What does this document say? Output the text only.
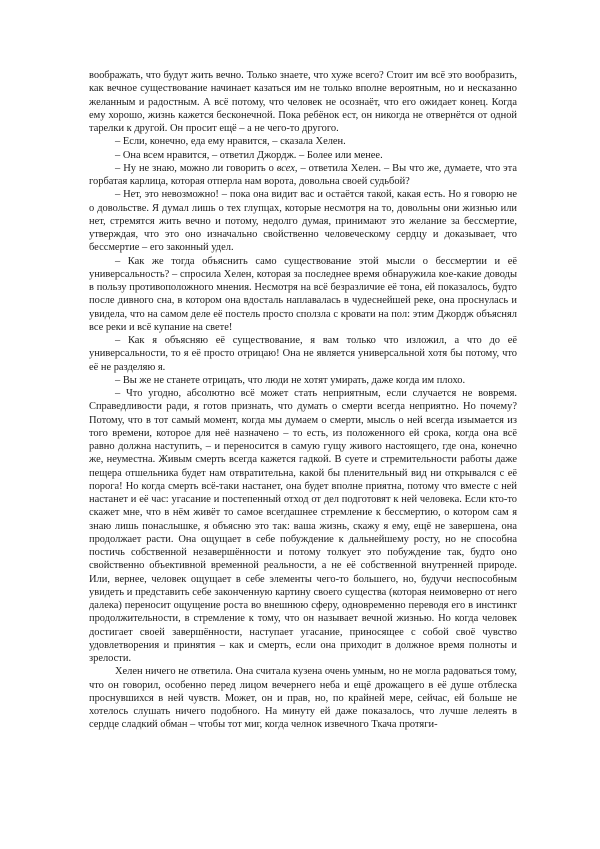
воображать, что будут жить вечно. Только знаете, что хуже всего? Стоит им всё это вообразить, как вечное существование начинает казаться им не только вполне вероятным, но и несказанно желанным и радостным. А всё потому, что человек не осознаёт, что его ожидает конец. Когда ему хорошо, жизнь кажется бесконечной. Пока ребёнок ест, он никогда не отвернётся от одной тарелки к другой. Он просит ещё – а не чего-то другого.

– Если, конечно, еда ему нравится, – сказала Хелен.

– Она всем нравится, – ответил Джордж. – Более или менее.

– Ну не знаю, можно ли говорить о всех, – ответила Хелен. – Вы что же, думаете, что эта горбатая карлица, которая отперла нам ворота, довольна своей судьбой?

– Нет, это невозможно! – пока она видит вас и остаётся такой, какая есть. Но я говорю не о довольстве. Я думал лишь о тех глупцах, которые несмотря на то, довольны они жизнью или нет, стремятся жить вечно и потому, недолго думая, принимают это желание за бессмертие, утверждая, что это оно изначально свойственно человеческому сердцу и доказывает, что бессмертие – его законный удел.

– Как же тогда объяснить само существование этой мысли о бессмертии и её универсальность? – спросила Хелен, которая за последнее время обнаружила кое-какие доводы в пользу противоположного мнения. Несмотря на всё безразличие её тона, ей показалось, будто после дивного сна, в котором она вдосталь наплавалась в чудеснейшей реке, она проснулась и увидела, что на самом деле её постель просто сползла с кровати на пол: этим Джордж объяснял все реки и всё купание на свете!

– Как я объясняю её существование, я вам только что изложил, а что до её универсальности, то я её просто отрицаю! Она не является универсальной хотя бы потому, что её не разделяю я.

– Вы же не станете отрицать, что люди не хотят умирать, даже когда им плохо.

– Что угодно, абсолютно всё может стать неприятным, если случается не вовремя. Справедливости ради, я готов признать, что думать о смерти всегда неприятно. Но почему? Потому, что в тот самый момент, когда мы думаем о смерти, мысль о ней всегда изымается из того времени, которое для неё назначено – то есть, из положенного ей срока, когда она всё равно должна наступить, – и переносится в самую гущу живого настоящего, где она, конечно же, неуместна. Живым смерть всегда кажется гадкой. В суете и стремительности работы даже пещера отшельника будет нам отвратительна, какой бы пленительный вид ни открывался с её порога! Но когда смерть всё-таки настанет, она будет вполне приятна, потому что вместе с ней настанет и её час: угасание и постепенный отход от дел подготовят к ней человека. Если кто-то скажет мне, что в нём живёт то самое всегдашнее стремление к бессмертию, о котором сам я знаю лишь понаслышке, я объясню это так: ваша жизнь, скажу я ему, ещё не завершена, она продолжает расти. Она ощущает в себе побуждение к дальнейшему росту, но не способна постичь собственной незавершённости и потому толкует это побуждение так, будто оно свойственно объективной временной реальности, а не её собственной внутренней природе. Или, вернее, человек ощущает в себе элементы чего-то большего, но, будучи неспособным увидеть и представить себе законченную картину своего существа (которая неимоверно от него далека) переносит ощущение роста во внешнюю сферу, одновременно переводя его в инстинкт продолжительности, в стремление к тому, что он называет вечной жизнью. Но когда человек достигает своей завершённости, наступает угасание, приносящее с собой своё чувство удовлетворения и принятия – как и смерть, если она приходит в должное время полноты и зрелости.

Хелен ничего не ответила. Она считала кузена очень умным, но не могла радоваться тому, что он говорил, особенно перед лицом вечернего неба и ещё дрожащего в её душе отблеска проснувшихся в ней чувств. Может, он и прав, но, по крайней мере, сейчас, ей больше не хотелось слушать ничего подобного. На минуту ей даже показалось, что лучше лелеять в сердце сладкий обман – чтобы тот миг, когда челнок извечного Ткача протяги-
